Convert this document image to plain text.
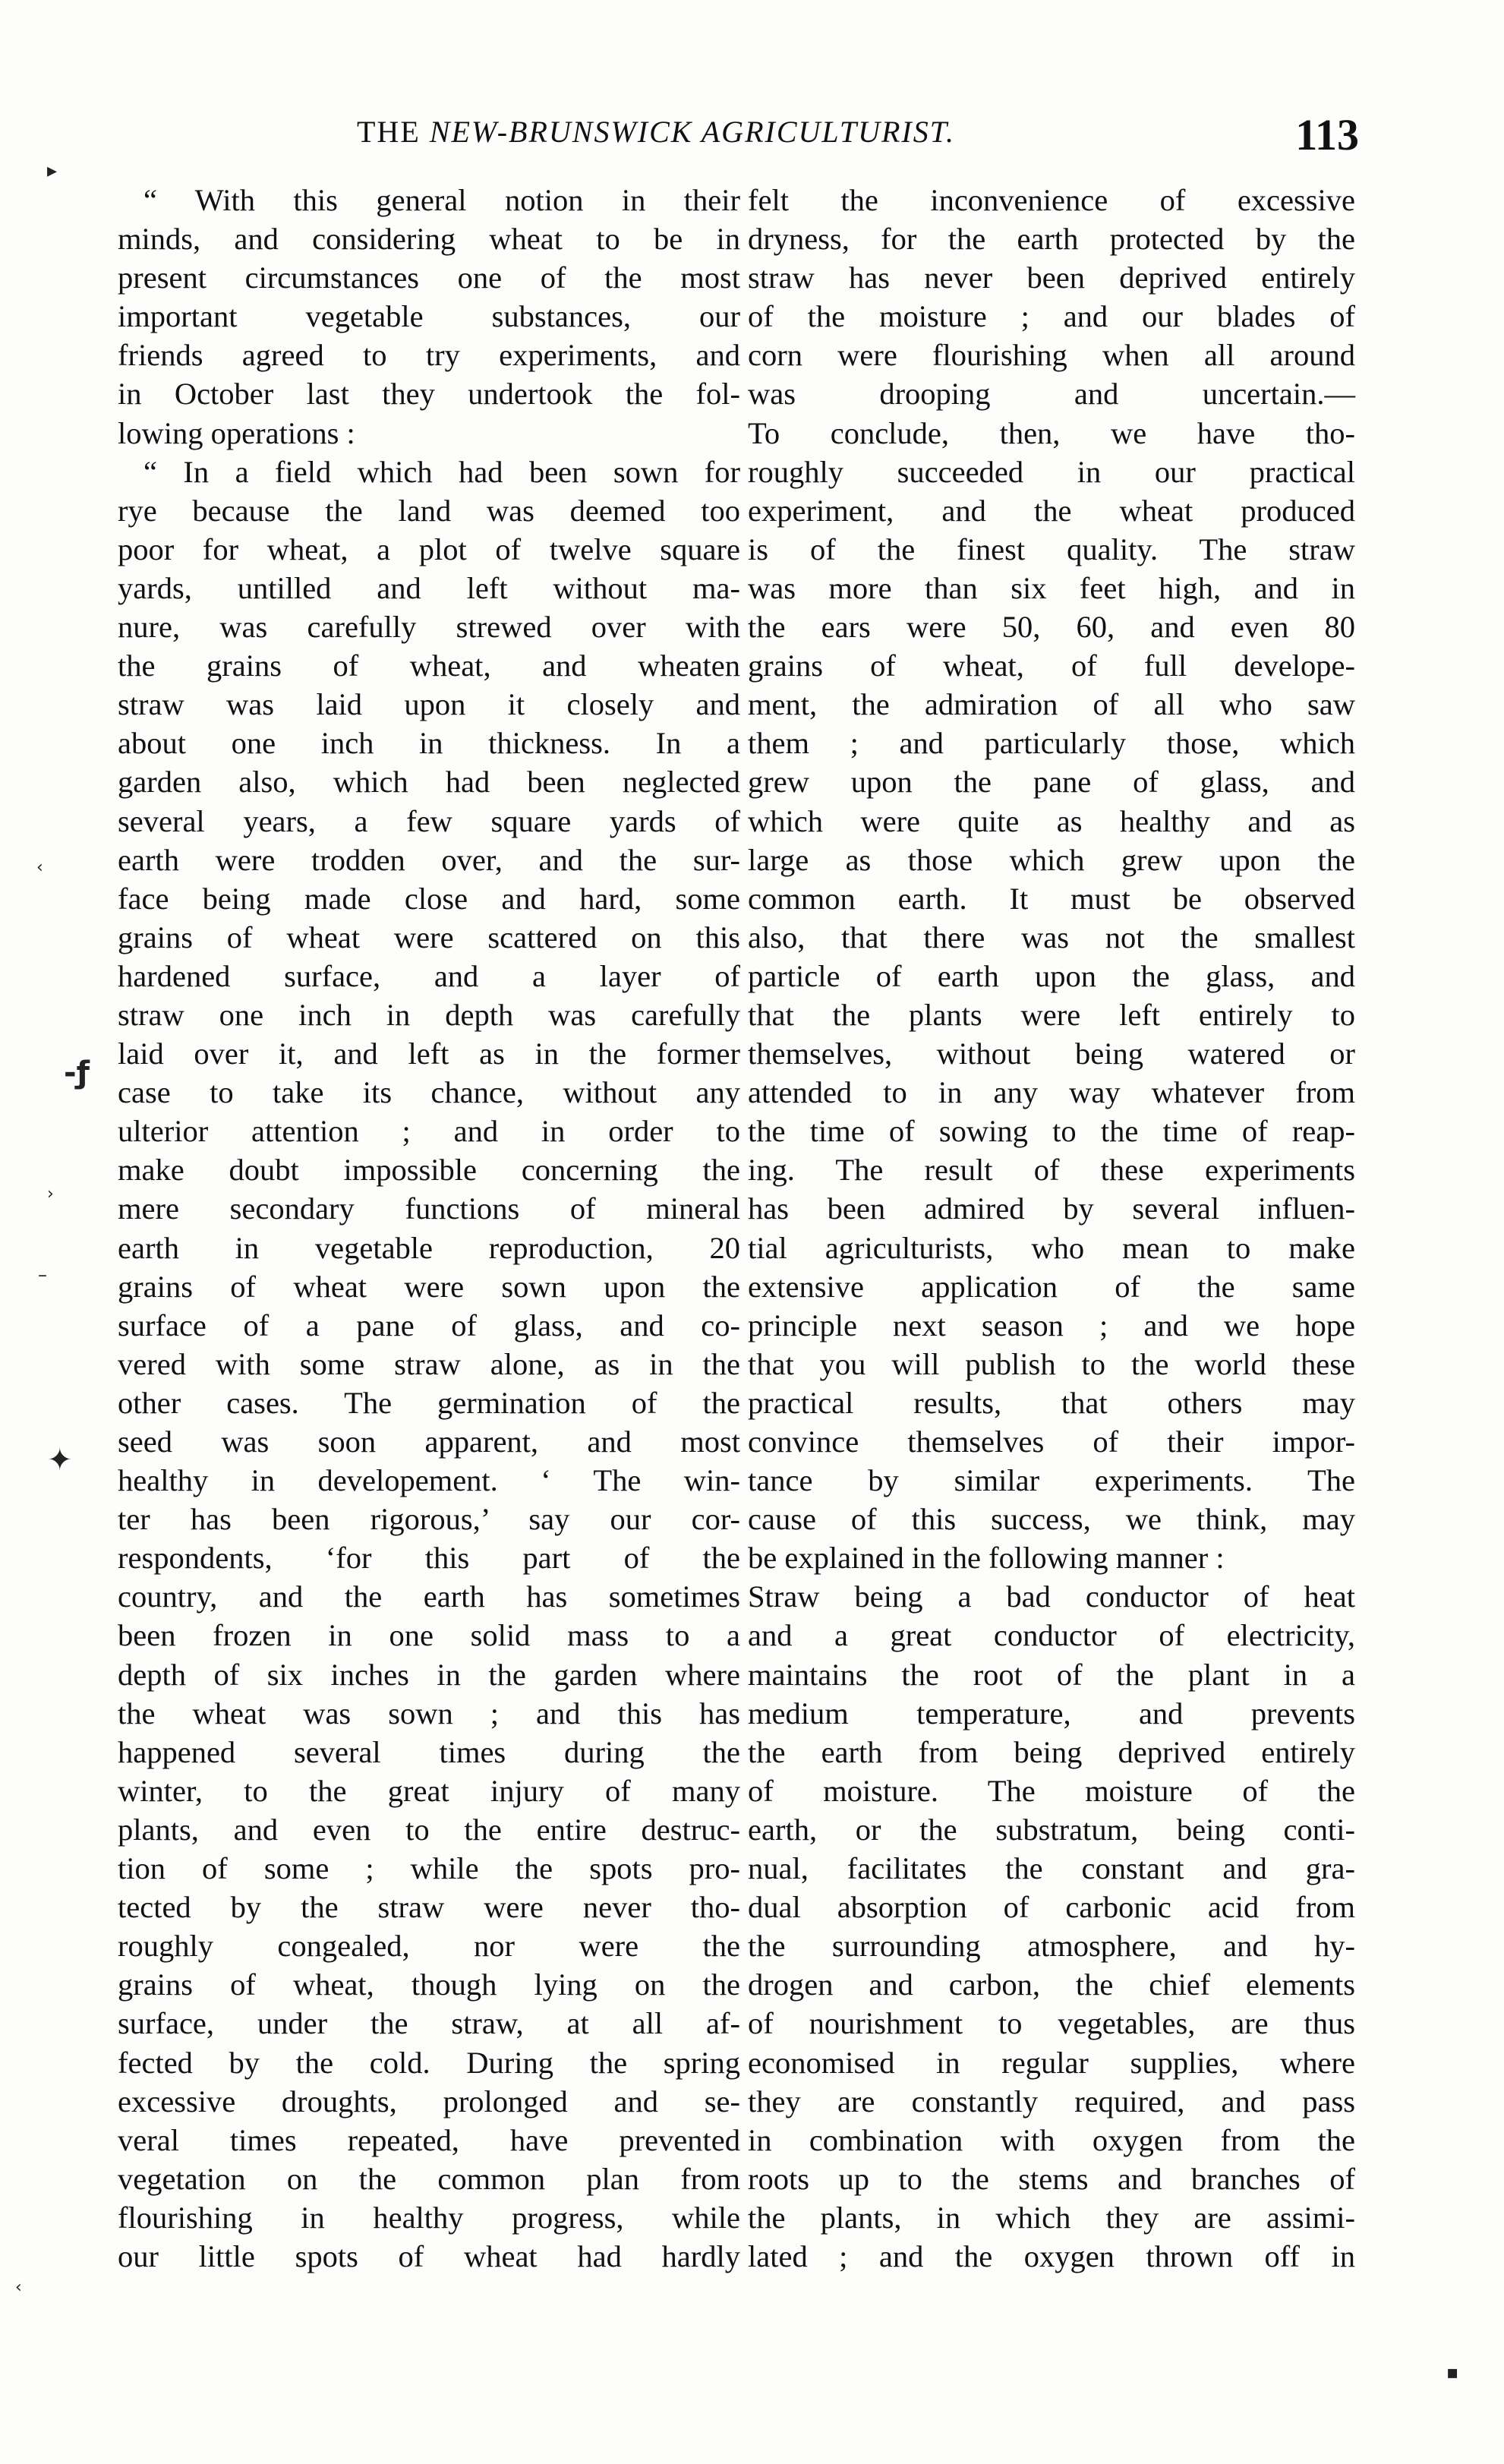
THE NEW-BRUNSWICK AGRICULTURIST.	113
▸
‹
-ƒ
›
–
✦
‹
▪
“ With this general notion in their
minds, and considering wheat to be in
present circumstances one of the most
important vegetable substances, our
friends agreed to try experiments, and
in October last they undertook the fol-
lowing operations :
“ In a field which had been sown for
rye because the land was deemed too
poor for wheat, a plot of twelve square
yards, untilled and left without ma-
nure, was carefully strewed over with
the grains of wheat, and wheaten
straw was laid upon it closely and
about one inch in thickness. In a
garden also, which had been neglected
several years, a few square yards of
earth were trodden over, and the sur-
face being made close and hard, some
grains of wheat were scattered on this
hardened surface, and a layer of
straw one inch in depth was carefully
laid over it, and left as in the former
case to take its chance, without any
ulterior attention ; and in order to
make doubt impossible concerning the
mere secondary functions of mineral
earth in vegetable reproduction, 20
grains of wheat were sown upon the
surface of a pane of glass, and co-
vered with some straw alone, as in the
other cases. The germination of the
seed was soon apparent, and most
healthy in developement. ‘ The win-
ter has been rigorous,’ say our cor-
respondents, ‘for this part of the
country, and the earth has sometimes
been frozen in one solid mass to a
depth of six inches in the garden where
the wheat was sown ; and this has
happened several times during the
winter, to the great injury of many
plants, and even to the entire destruc-
tion of some ; while the spots pro-
tected by the straw were never tho-
roughly congealed, nor were the
grains of wheat, though lying on the
surface, under the straw, at all af-
fected by the cold. During the spring
excessive droughts, prolonged and se-
veral times repeated, have prevented
vegetation on the common plan from
flourishing in healthy progress, while
our little spots of wheat had hardly
felt the inconvenience of excessive
dryness, for the earth protected by the
straw has never been deprived entirely
of the moisture ; and our blades of
corn were flourishing when all around
was drooping and uncertain.—
To conclude, then, we have tho-
roughly succeeded in our practical
experiment, and the wheat produced
is of the finest quality. The straw
was more than six feet high, and in
the ears were 50, 60, and even 80
grains of wheat, of full develope-
ment, the admiration of all who saw
them ; and particularly those, which
grew upon the pane of glass, and
which were quite as healthy and as
large as those which grew upon the
common earth. It must be observed
also, that there was not the smallest
particle of earth upon the glass, and
that the plants were left entirely to
themselves, without being watered or
attended to in any way whatever from
the time of sowing to the time of reap-
ing. The result of these experiments
has been admired by several influen-
tial agriculturists, who mean to make
extensive application of the same
principle next season ; and we hope
that you will publish to the world these
practical results, that others may
convince themselves of their impor-
tance by similar experiments. The
cause of this success, we think, may
be explained in the following manner :
Straw being a bad conductor of heat
and a great conductor of electricity,
maintains the root of the plant in a
medium temperature, and prevents
the earth from being deprived entirely
of moisture. The moisture of the
earth, or the substratum, being conti-
nual, facilitates the constant and gra-
dual absorption of carbonic acid from
the surrounding atmosphere, and hy-
drogen and carbon, the chief elements
of nourishment to vegetables, are thus
economised in regular supplies, where
they are constantly required, and pass
in combination with oxygen from the
roots up to the stems and branches of
the plants, in which they are assimi-
lated ; and the oxygen thrown off in
